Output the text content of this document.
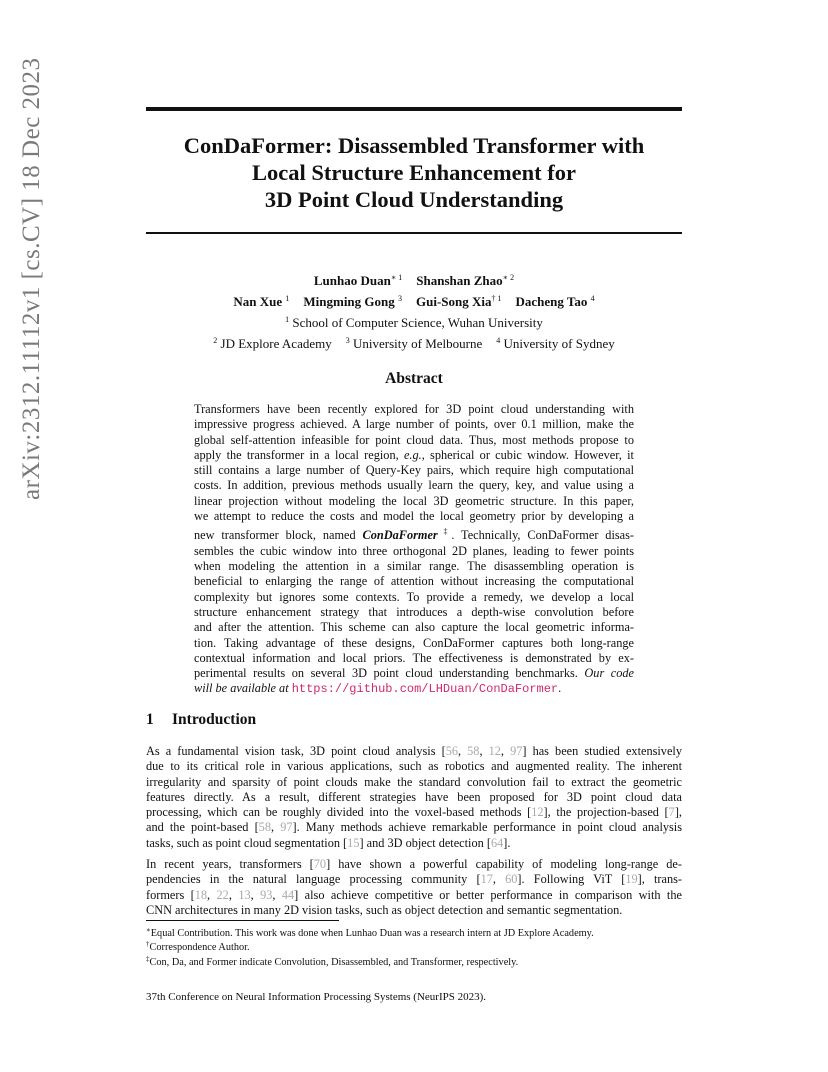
arXiv:2312.11112v1 [cs.CV] 18 Dec 2023	ConDaFormer: Disassembled Transformer with
Local Structure Enhancement for
3D Point Cloud Understanding
Lunhao Duan$^{∗ 1}$ Shanshan Zhao$^{∗ 2}$
Nan Xue $^1$ Mingming Gong $^3$ Gui-Song Xia$^{\dagger 1}$ Dacheng Tao $^4$
$^1$ School of Computer Science, Wuhan University
$^2$ JD Explore Academy $^3$ University of Melbourne $^4$ University of Sydney
Abstract
Transformers have been recently explored for 3D point cloud understanding with
impressive progress achieved. A large number of points, over 0.1 million, make the
global self-attention infeasible for point cloud data. Thus, most methods propose to
apply the transformer in a local region, e.g., spherical or cubic window. However, it
still contains a large number of Query-Key pairs, which require high computational
costs. In addition, previous methods usually learn the query, key, and value using a
linear projection without modeling the local 3D geometric structure. In this paper,
we attempt to reduce the costs and model the local geometry prior by developing a
new transformer block, named ConDaFormer ‡. Technically, ConDaFormer disas-
sembles the cubic window into three orthogonal 2D planes, leading to fewer points
when modeling the attention in a similar range. The disassembling operation is
beneficial to enlarging the range of attention without increasing the computational
complexity but ignores some contexts. To provide a remedy, we develop a local
structure enhancement strategy that introduces a depth-wise convolution before
and after the attention. This scheme can also capture the local geometric informa-
tion. Taking advantage of these designs, ConDaFormer captures both long-range
contextual information and local priors. The effectiveness is demonstrated by ex-
perimental results on several 3D point cloud understanding benchmarks. Our code
will be available at https://github.com/LHDuan/ConDaFormer.
1 Introduction
As a fundamental vision task, 3D point cloud analysis [56, 58, 12, 97] has been studied extensively
due to its critical role in various applications, such as robotics and augmented reality. The inherent
irregularity and sparsity of point clouds make the standard convolution fail to extract the geometric
features directly. As a result, different strategies have been proposed for 3D point cloud data
processing, which can be roughly divided into the voxel-based methods [12], the projection-based [7],
and the point-based [58, 97]. Many methods achieve remarkable performance in point cloud analysis
tasks, such as point cloud segmentation [15] and 3D object detection [64].
In recent years, transformers [70] have shown a powerful capability of modeling long-range de-
pendencies in the natural language processing community [17, 60]. Following ViT [19], trans-
formers [18, 22, 13, 93, 44] also achieve competitive or better performance in comparison with the
CNN architectures in many 2D vision tasks, such as object detection and semantic segmentation.
∗Equal Contribution. This work was done when Lunhao Duan was a research intern at JD Explore Academy.
†Correspondence Author.
‡Con, Da, and Former indicate Convolution, Disassembled, and Transformer, respectively.
37th Conference on Neural Information Processing Systems (NeurIPS 2023).
